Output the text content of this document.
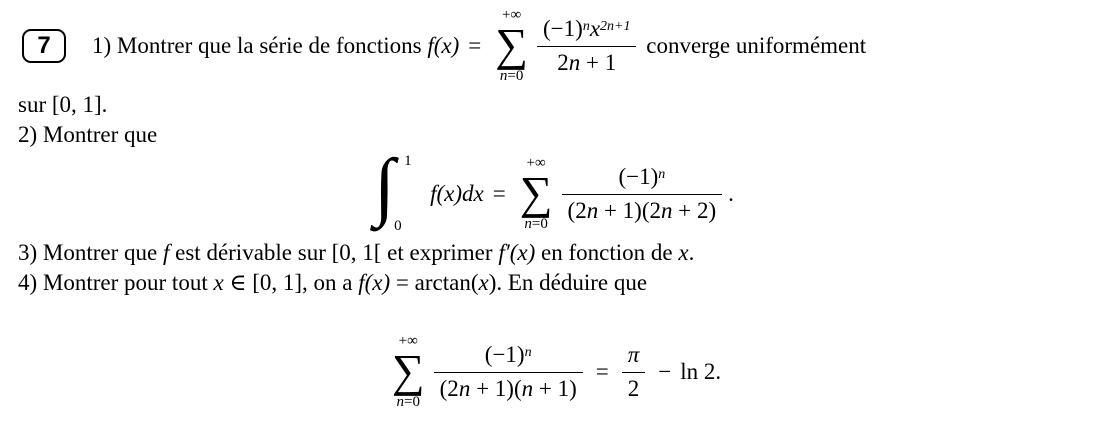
7	1) Montrer que la série de fonctions f(x) =
+∞
∑
$n =0 \frac{(-1)^nx^{2n+1}}{2n + 1}$ converge uniformément
sur [0, 1].
2) Montrer que
∫ 1
0
f(x)dx =
+∞
∑
$n =0 \frac{(-1)^n}{(2n + 1)(2n + 2)}$ .
3) Montrer que f est dérivable sur [0, 1[ et exprimer f′(x) en fonction de x .
4) Montrer pour tout x ∈ [0, 1], on a f(x) = arctan( x ). En déduire que
+∞
∑
$n =0 \frac{(-1)^n}{(2n + 1)(n + 1)} = \frac{\pi}{2} - \ln 2$.
